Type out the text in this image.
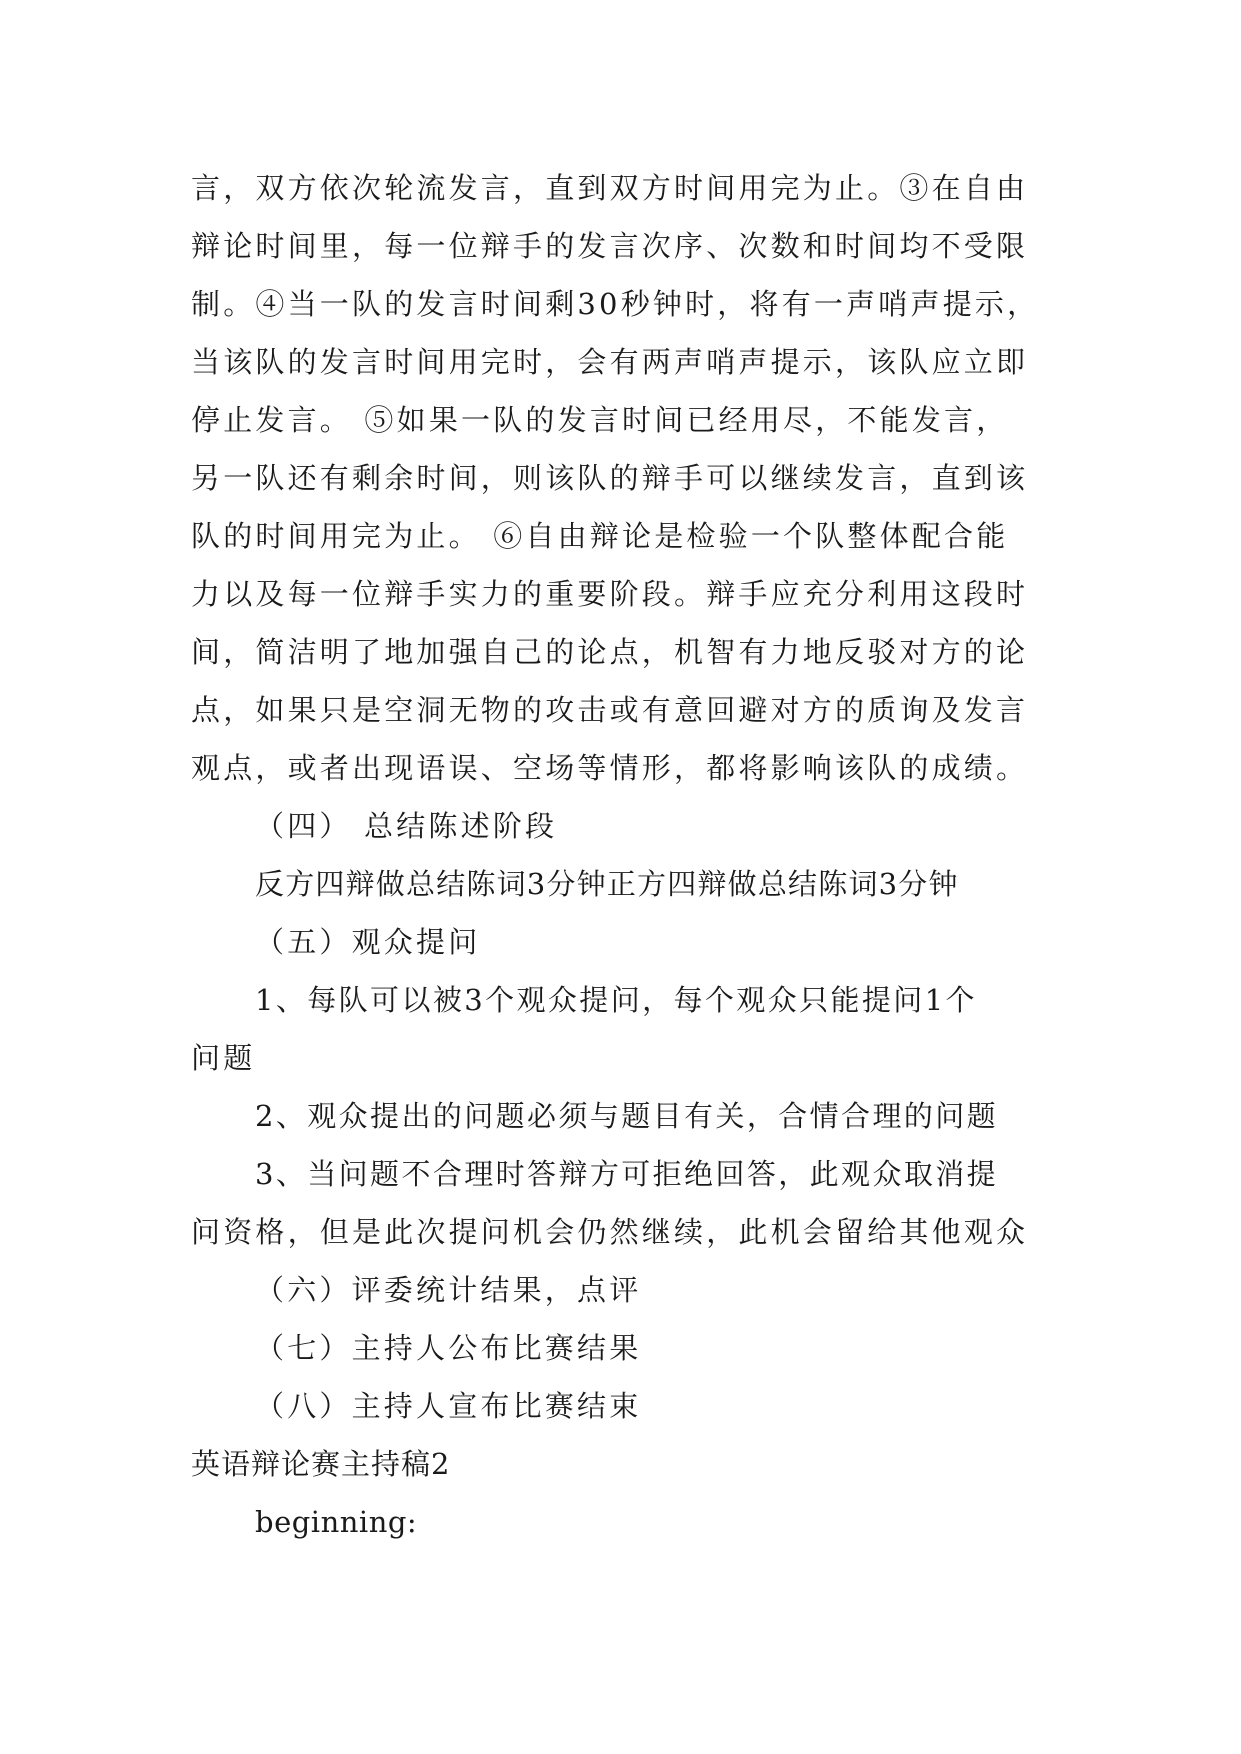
言，双方依次轮流发言，直到双方时间用完为止。③在自由
辩论时间里，每一位辩手的发言次序、次数和时间均不受限
制。④当一队的发言时间剩30秒钟时，将有一声哨声提示，
当该队的发言时间用完时，会有两声哨声提示，该队应立即
停止发言。 ⑤如果一队的发言时间已经用尽，不能发言，
另一队还有剩余时间，则该队的辩手可以继续发言，直到该
队的时间用完为止。 ⑥自由辩论是检验一个队整体配合能
力以及每一位辩手实力的重要阶段。辩手应充分利用这段时
间，简洁明了地加强自己的论点，机智有力地反驳对方的论
点，如果只是空洞无物的攻击或有意回避对方的质询及发言
观点，或者出现语误、空场等情形，都将影响该队的成绩。
（四） 总结陈述阶段
反方四辩做总结陈词3分钟正方四辩做总结陈词3分钟
（五）观众提问
1、每队可以被3个观众提问，每个观众只能提问1个
问题
2、观众提出的问题必须与题目有关，合情合理的问题
3、当问题不合理时答辩方可拒绝回答，此观众取消提
问资格，但是此次提问机会仍然继续，此机会留给其他观众
（六）评委统计结果，点评
（七）主持人公布比赛结果
（八）主持人宣布比赛结束
英语辩论赛主持稿2
beginning:
